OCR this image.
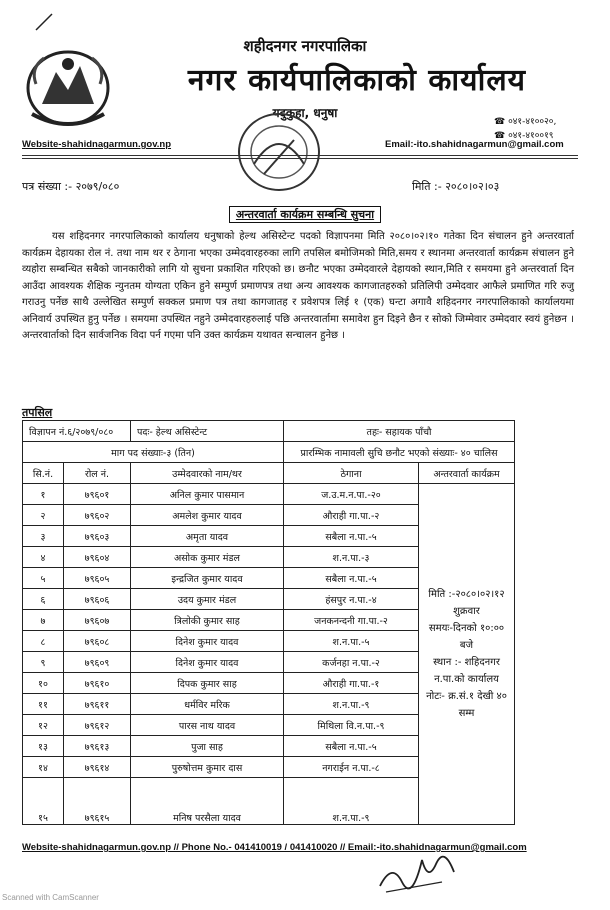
शहीदनगर नगरपालिका
नगर कार्यपालिकाको कार्यालय
यदुकुहा, धनुषा
☎ ०४१-४१००२०,
☎ ०४१-४१००१९
Website-shahidnagarmun.gov.np	Email:-ito.shahidnagarmun@gmail.com
पत्र संख्या :- २०७९/०८०	मिति :- २०८०।०२।०३
अन्तरवार्ता कार्यक्रम सम्बन्धि सुचना
यस शहिदनगर नगरपालिकाको कार्यालय धनुषाको हेल्थ असिस्टेन्ट पदको विज्ञापनमा मिति २०८०।०२।१० गतेका दिन संचालन हुने अन्तरवार्ता कार्यक्रम देहायका रोल नं. तथा नाम थर र ठेगाना भएका उम्मेदवारहरुका लागि तपसिल बमोजिमको मिति,समय र स्थानमा अन्तरवार्ता कार्यक्रम संचालन हुने व्यहोरा सम्बन्धित सबैको जानकारीको लागि यो सुचना प्रकाशित गरिएको छ। छनौट भएका उम्मेदवारले देहायको स्थान,मिति र समयमा हुने अन्तरवार्ता दिन आउँदा आवश्यक शैक्षिक न्युनतम योग्यता एकिन हुने सम्पुर्ण प्रमाणपत्र तथा अन्य आवश्यक कागजातहरुको प्रतिलिपी उम्मेदवार आफैले प्रमाणित गरि रुजु गराउनु पर्नेछ साथै उल्लेखित सम्पुर्ण सक्कल प्रमाण पत्र तथा कागजातह र प्रवेशपत्र लिई १ (एक) घन्टा अगावै शहिदनगर नगरपालिकाको कार्यालयमा अनिवार्य उपस्थित हुनु पर्नेछ । समयमा उपस्थित नहुने उम्मेदवारहरुलाई पछि अन्तरवार्तामा समावेश हुन दिइने छैन र सोको जिम्मेवार उम्मेदवार स्वयं हुनेछन । अन्तरवार्ताको दिन सार्वजनिक विदा पर्न गएमा पनि उक्त कार्यक्रम यथावत सन्चालन हुनेछ ।
तपसिल
विज्ञापन नं.६/२०७९/०८०		पदः- हेल्थ असिस्टेन्ट	तहः- सहायक पाँचौ	
माग पद संख्याः-३ (तिन)			प्रारम्भिक नामावली सुचि छनौट भएको संख्याः- ४० चालिस	
सि.नं.	रोल नं.	उम्मेदवारको नाम/थर	ठेगाना	अन्तरवार्ता कार्यक्रम
१	७९६०१	अनिल कुमार पासमान	ज.उ.म.न.पा.-२०	मिति :-२०८०।०२।१२
शुक्रवार
समयः-दिनको १०:०० बजे
स्थान :- शहिदनगर न.पा.को कार्यालय
नोटः- क्र.सं.१ देखी ४० सम्म

२	७९६०२	अमलेश कुमार यादव	औराही गा.पा.-२	
३	७९६०३	अमृता यादव	सबैला न.पा.-५	
४	७९६०४	असोक कुमार मंडल	श.न.पा.-३	
५	७९६०५	इन्द्रजित कुमार यादव	सबैला न.पा.-५	
६	७९६०६	उदय कुमार मंडल	हंसपुर न.पा.-४	
७	७९६०७	त्रिलोकी कुमार साह	जनकनन्दनी गा.पा.-२	
८	७९६०८	दिनेश कुमार यादव	श.न.पा.-५	
९	७९६०९	दिनेश कुमार यादव	कर्जनहा न.पा.-२	
१०	७९६१०	दिपक कुमार साह	औराही गा.पा.-१	
११	७९६११	धर्मविर मरिक	श.न.पा.-९	
१२	७९६१२	पारस नाथ यादव	मिथिला वि.न.पा.-९	
१३	७९६१३	पुजा साह	सबैला न.पा.-५	
१४	७९६१४	पुरुषोत्तम कुमार दास	नगराईन न.पा.-८	
१५	७९६१५	मनिष परसैला यादव	श.न.पा.-९	
Website-shahidnagarmun.gov.np // Phone No.- 041410019 / 041410020 // Email:-ito.shahidnagarmun@gmail.com
Scanned with CamScanner
